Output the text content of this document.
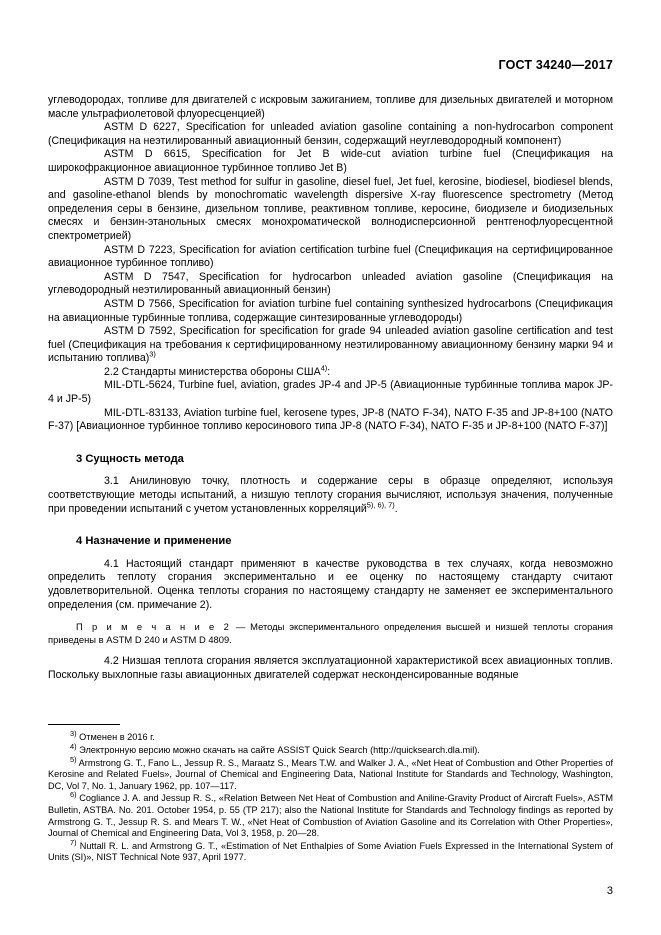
ГОСТ 34240—2017

углеводородах, топливе для двигателей с искровым зажиганием, топливе для дизельных двигателей и моторном масле ультрафиолетовой флуоресценцией)

ASTM D 6227, Specification for unleaded aviation gasoline containing a non-hydrocarbon component (Спецификация на неэтилированный авиационный бензин, содержащий неуглеводородный компонент)

ASTM D 6615, Specification for Jet B wide-cut aviation turbine fuel (Спецификация на широкофракционное авиационное турбинное топливо Jet B)

ASTM D 7039, Test method for sulfur in gasoline, diesel fuel, Jet fuel, kerosine, biodiesel, biodiesel blends, and gasoline-ethanol blends by monochromatic wavelength dispersive X-ray fluorescence spectrometry (Метод определения серы в бензине, дизельном топливе, реактивном топливе, керосине, биодизеле и биодизельных смесях и бензин-этанольных смесях монохроматической волнодисперсионной рентгенофлуоресцентной спектрометрией)

ASTM D 7223, Specification for aviation certification turbine fuel (Спецификация на сертифицированное авиационное турбинное топливо)

ASTM D 7547, Specification for hydrocarbon unleaded aviation gasoline (Спецификация на углеводородный неэтилированный авиационный бензин)

ASTM D 7566, Specification for aviation turbine fuel containing synthesized hydrocarbons (Спецификация на авиационные турбинные топлива, содержащие синтезированные углеводороды)

ASTM D 7592, Specification for specification for grade 94 unleaded aviation gasoline certification and test fuel (Спецификация на требования к сертифицированному неэтилированному авиационному бензину марки 94 и испытанию топлива)$^{3)}$

2.2 Стандарты министерства обороны США$^{4)}$:

MIL-DTL-5624, Turbine fuel, aviation, grades JP-4 and JP-5 (Авиационные турбинные топлива марок JP-4 и JP-5)

MIL-DTL-83133, Aviation turbine fuel, kerosene types, JP-8 (NATO F-34), NATO F-35 and JP-8+100 (NATO F-37) [Авиационное турбинное топливо керосинового типа JP-8 (NATO F-34), NATO F-35 и JP-8+100 (NATO F-37)]

3 Сущность метода

3.1 Анилиновую точку, плотность и содержание серы в образце определяют, используя соответствующие методы испытаний, а низшую теплоту сгорания вычисляют, используя значения, полученные при проведении испытаний с учетом установленных корреляций$^{5), 6), 7)}$.

4 Назначение и применение

4.1 Настоящий стандарт применяют в качестве руководства в тех случаях, когда невозможно определить теплоту сгорания экспериментально и ее оценку по настоящему стандарту считают удовлетворительной. Оценка теплоты сгорания по настоящему стандарту не заменяет ее экспериментального определения (см. примечание 2).

П р и м е ч а н и е 2 — Методы экспериментального определения высшей и низшей теплоты сгорания приведены в ASTM D 240 и ASTM D 4809.

4.2 Низшая теплота сгорания является эксплуатационной характеристикой всех авиационных топлив. Поскольку выхлопные газы авиационных двигателей содержат несконденсированные водяные

$^{3)}$ Отменен в 2016 г.

$^{4)}$ Электронную версию можно скачать на сайте ASSIST Quick Search (http://quicksearch.dla.mil).

$^{5)}$ Armstrong G. T., Fano L., Jessup R. S., Maraatz S., Mears T.W. and Walker J. A., «Net Heat of Combustion and Other Properties of Kerosine and Related Fuels», Journal of Chemical and Engineering Data, National Institute for Standards and Technology, Washington, DC, Vol 7, No. 1, January 1962, pp. 107—117.

$^{6)}$ Cogliance J. A. and Jessup R. S., «Relation Between Net Heat of Combustion and Aniline-Gravity Product of Aircraft Fuels», ASTM Bulletin, ASTBA. No. 201. October 1954, p. 55 (TP 217); also the National Institute for Standards and Technology findings as reported by Armstrong G. T., Jessup R. S. and Mears T. W., «Net Heat of Combustion of Aviation Gasoline and its Correlation with Other Properties», Journal of Chemical and Engineering Data, Vol 3, 1958, p. 20—28.

$^{7)}$ Nuttall R. L. and Armstrong G. T., «Estimation of Net Enthalpies of Some Aviation Fuels Expressed in the International System of Units (SI)», NIST Technical Note 937, April 1977.

3
